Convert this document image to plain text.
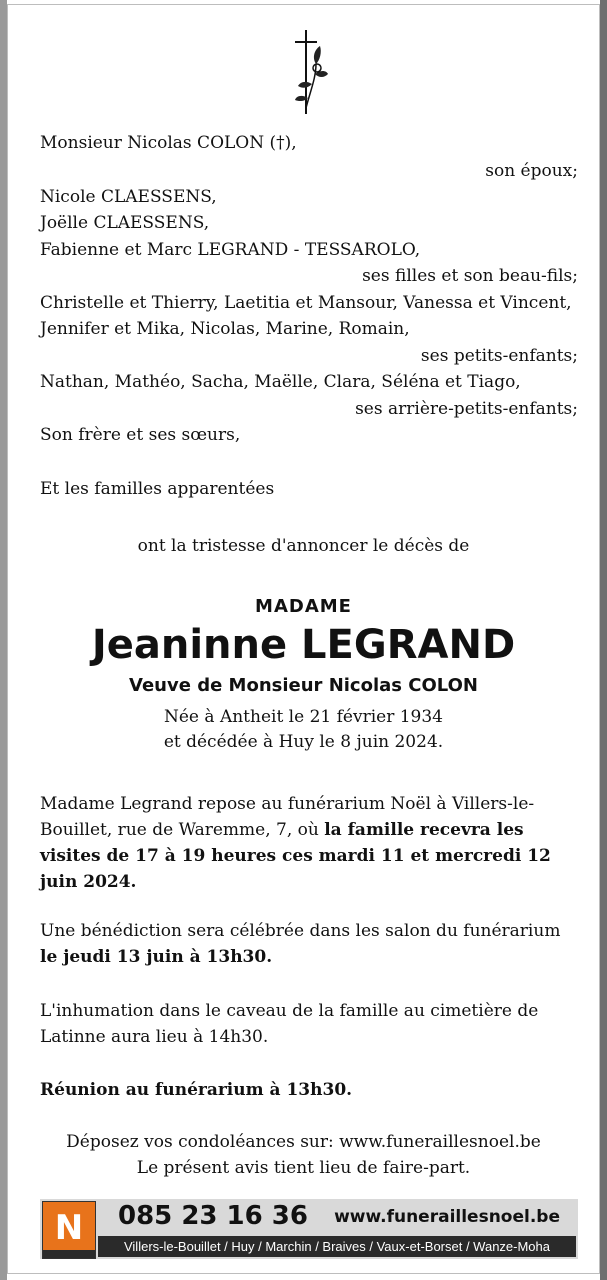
Monsieur Nicolas COLON (†),
son époux;
Nicole CLAESSENS,
Joëlle CLAESSENS,
Fabienne et Marc LEGRAND - TESSAROLO,
ses filles et son beau-fils;
Christelle et Thierry, Laetitia et Mansour, Vanessa et Vincent,
Jennifer et Mika, Nicolas, Marine, Romain,
ses petits-enfants;
Nathan, Mathéo, Sacha, Maëlle, Clara, Séléna et Tiago,
ses arrière-petits-enfants;
Son frère et ses sœurs,
Et les familles apparentées
ont la tristesse d'annoncer le décès de
MADAME
Jeaninne LEGRAND
Veuve de Monsieur Nicolas COLON
Née à Antheit le 21 février 1934
et décédée à Huy le 8 juin 2024.
Madame Legrand repose au funérarium Noël à Villers-le-Bouillet, rue de Waremme, 7, où la famille recevra les visites de 17 à 19 heures ces mardi 11 et mercredi 12 juin 2024.
Une bénédiction sera célébrée dans les salon du funérarium le jeudi 13 juin à 13h30.
L'inhumation dans le caveau de la famille au cimetière de Latinne aura lieu à 14h30.
Réunion au funérarium à 13h30.
Déposez vos condoléances sur: www.funeraillesnoel.be
Le présent avis tient lieu de faire-part.
N 085 23 16 36 www.funeraillesnoel.be
Villers-le-Bouillet / Huy / Marchin / Braives / Vaux-et-Borset / Wanze-Moha
